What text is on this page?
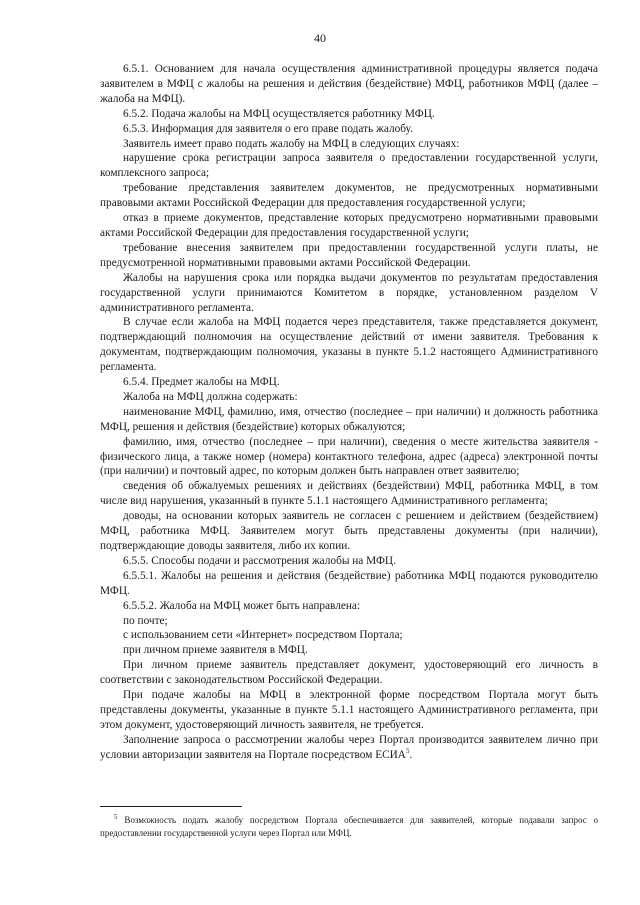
40

6.5.1. Основанием для начала осуществления административной процедуры является подача заявителем в МФЦ с жалобы на решения и действия (бездействие) МФЦ, работников МФЦ (далее – жалоба на МФЦ).

6.5.2. Подача жалобы на МФЦ осуществляется работнику МФЦ.

6.5.3. Информация для заявителя о его праве подать жалобу.

Заявитель имеет право подать жалобу на МФЦ в следующих случаях:

нарушение срока регистрации запроса заявителя о предоставлении государственной услуги, комплексного запроса;

требование представления заявителем документов, не предусмотренных нормативными правовыми актами Российской Федерации для предоставления государственной услуги;

отказ в приеме документов, представление которых предусмотрено нормативными правовыми актами Российской Федерации для предоставления государственной услуги;

требование внесения заявителем при предоставлении государственной услуги платы, не предусмотренной нормативными правовыми актами Российской Федерации.

Жалобы на нарушения срока или порядка выдачи документов по результатам предоставления государственной услуги принимаются Комитетом в порядке, установленном разделом V административного регламента.

В случае если жалоба на МФЦ подается через представителя, также представляется документ, подтверждающий полномочия на осуществление действий от имени заявителя. Требования к документам, подтверждающим полномочия, указаны в пункте 5.1.2 настоящего Административного регламента.

6.5.4. Предмет жалобы на МФЦ.

Жалоба на МФЦ должна содержать:

наименование МФЦ, фамилию, имя, отчество (последнее – при наличии) и должность работника МФЦ, решения и действия (бездействие) которых обжалуются;

фамилию, имя, отчество (последнее – при наличии), сведения о месте жительства заявителя - физического лица, а также номер (номера) контактного телефона, адрес (адреса) электронной почты (при наличии) и почтовый адрес, по которым должен быть направлен ответ заявителю;

сведения об обжалуемых решениях и действиях (бездействии) МФЦ, работника МФЦ, в том числе вид нарушения, указанный в пункте 5.1.1 настоящего Административного регламента;

доводы, на основании которых заявитель не согласен с решением и действием (бездействием) МФЦ, работника МФЦ. Заявителем могут быть представлены документы (при наличии), подтверждающие доводы заявителя, либо их копии.

6.5.5. Способы подачи и рассмотрения жалобы на МФЦ.

6.5.5.1. Жалобы на решения и действия (бездействие) работника МФЦ подаются руководителю МФЦ.

6.5.5.2. Жалоба на МФЦ может быть направлена:

по почте;

с использованием сети «Интернет» посредством Портала;

при личном приеме заявителя в МФЦ.

При личном приеме заявитель представляет документ, удостоверяющий его личность в соответствии с законодательством Российской Федерации.

При подаче жалобы на МФЦ в электронной форме посредством Портала могут быть представлены документы, указанные в пункте 5.1.1 настоящего Административного регламента, при этом документ, удостоверяющий личность заявителя, не требуется.

Заполнение запроса о рассмотрении жалобы через Портал производится заявителем лично при условии авторизации заявителя на Портале посредством ЕСИА$^5$.

$^5$ Возможность подать жалобу посредством Портала обеспечивается для заявителей, которые подавали запрос о предоставлении государственной услуги через Портал или МФЦ.
